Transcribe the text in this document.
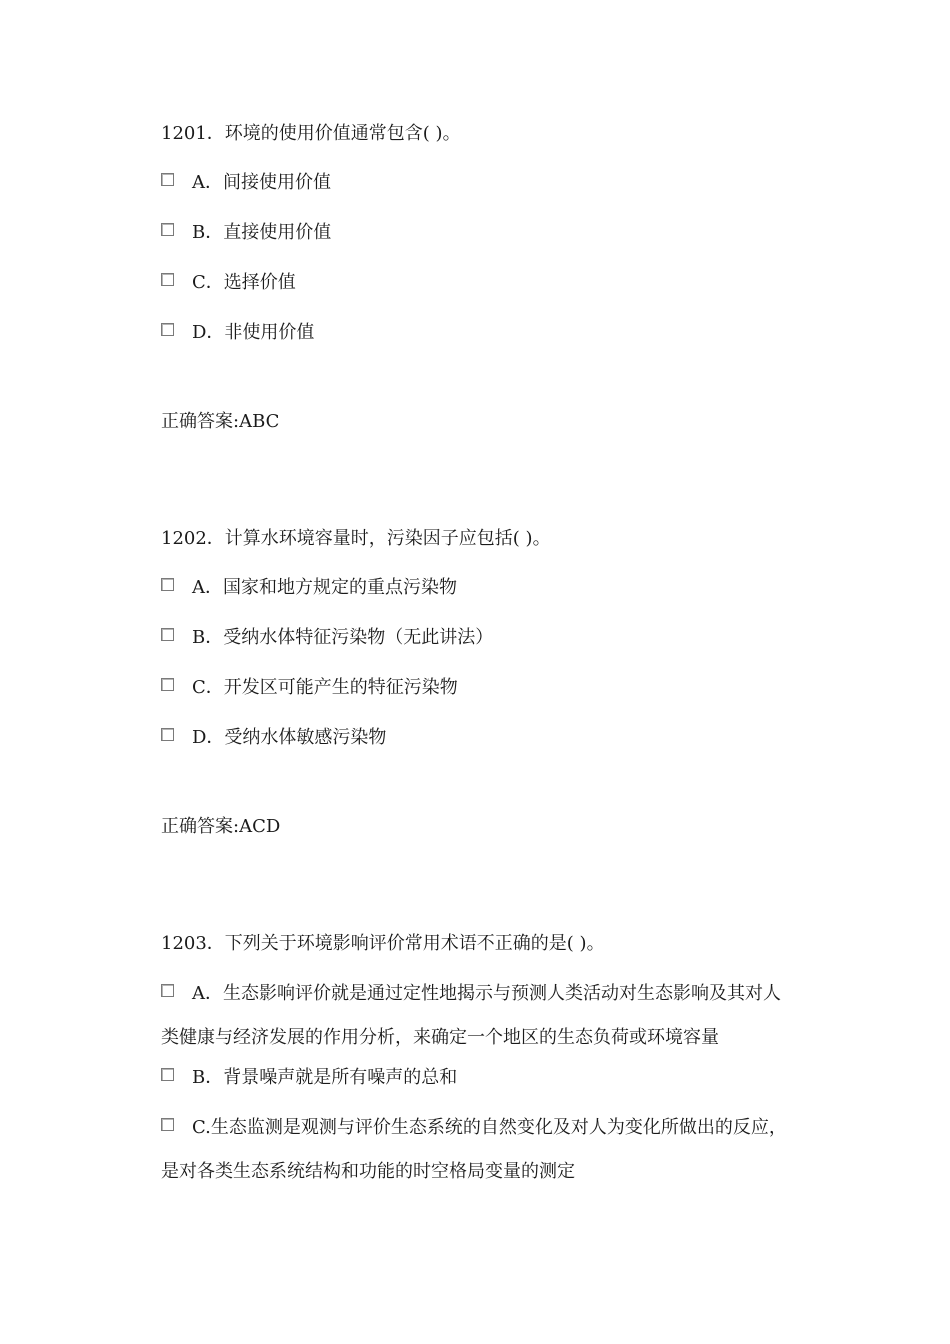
1201．环境的使用价值通常包含( )。
A．间接使用价值
B．直接使用价值
C．选择价值
D．非使用价值
正确答案:ABC
1202．计算水环境容量时，污染因子应包括( )。
A．国家和地方规定的重点污染物
B．受纳水体特征污染物（无此讲法）
C．开发区可能产生的特征污染物
D．受纳水体敏感污染物
正确答案:ACD
1203．下列关于环境影响评价常用术语不正确的是( )。
A．生态影响评价就是通过定性地揭示与预测人类活动对生态影响及其对人类健康与经济发展的作用分析，来确定一个地区的生态负荷或环境容量
B．背景噪声就是所有噪声的总和
C.生态监测是观测与评价生态系统的自然变化及对人为变化所做出的反应，是对各类生态系统结构和功能的时空格局变量的测定
